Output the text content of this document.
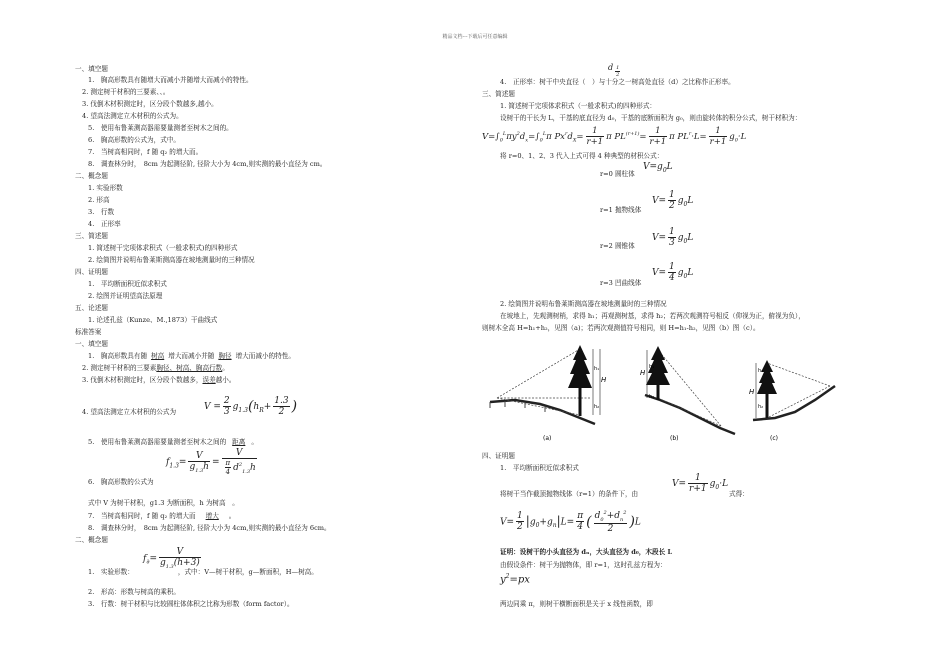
精品文档---下载后可任意编辑
一、填空题
1.　胸高形数具有随增大而减小并随增大而减小的特性。
2. 测定树干材积的三要素、、。
3. 伐倒木材积测定时，区分段个数越多,越小。
4. 望高法测定立木材积的公式为。
5.　使用布鲁莱测高器需要量测者至树木之间的。
6.　胸高形数的公式为，式中。
7.　当树高相同时，f 随 q₂ 的增大而。
8.　调查林分时，　8cm 为起测径阶, 径阶大小为 4cm,则实测的最小直径为 cm。
二、概念题
1. 实验形数
2. 形高
3.　行数
4.　正形率
三、简述题
1. 简述树干完项体求积式（一般求积式)的四种形式
2. 绘简图并说明布鲁莱斯测高器在坡地测量时的三种情况
四、证明题
1.　平均断面积近似求积式
2. 绘图并证明望高法原理
五、论述题
1. 论述孔兹（Kunze、M.,1873）干曲线式
标准答案
一、填空题
1.　胸高形数具有随 树高 增大而减小并随 胸径 增大而减小的特性。
2. 测定树干材积的三要素胸径、树高、胸高行数。
3. 伐倒木材积测定时，区分段个数越多，误差越小。
4. 望高法测定立木材积的公式为	$V = \frac{2}{3} g_{1.3}(h_R+ \frac{1.3}{2}$ )
5.　使用布鲁莱测高器需要量测者至树木之间的 距离 。
$f_{1.3}= \frac{V}{g_{1.3}h} = \frac{V}{\frac{\pi}{4} d^2_{1.3}h}$
6.　胸高形数的公式为
式中 V 为树干材积，g1.3 为断面积，h 为树高　。
7.　当树高相同时，f 随 q₂ 的增大而 增大 。
8.　调查林分时，　8cm 为起测径阶, 径阶大小为 4cm,则实测的最小直径为 6cm。
二、概念题
$f_\partial= \frac{V}{g_{1.3}(h+3)}$
1.　实验形数：	，式中：V—树干材积，g—断面积，H—树高。
2.　形高：形数与树高的乘积。
3.　行数：树干材积与比较圆柱体体积之比称为形数（form factor）。
d $_{\frac{1}{2}}$
4.　正形率：树干中央直径（　）与十分之一树高处直径（d）之比称作正形率。
三、简述题
1. 简述树干完项体求积式（一般求积式)的四种形式：
设树干的干长为 L，干基的底直径为 d₀，干基的底断面积为 g₀，则由旋转体的积分公式，树干材积为：
$V=\int_0^L\pi y^2d_x=\int_0^L\pi$ $Px^rd_X= \frac{1}{r+1}$ π $PL^{(r+1)}= \frac{1}{r+1}$ π $PL^r\cdot L= \frac{1}{r+1} g_0\cdot L$
将 r=0、1、2、3 代入上式可得 4 种典型的材积公式：
r=0 圆柱体
$V=g_0L$
r=1 抛物线体
$V= \frac{1}{2} g_0L$
r=2 圆锥体
$V= \frac{1}{3} g_0L$
r=3 凹曲线体
$V= \frac{1}{4} g_0L$
2. 绘简图并说明布鲁莱斯测高器在坡地测量时的三种情况
在坡地上，先观测树梢，求得 h₁；再观测树基，求得 h₂；若两次观测符号相反（仰视为正，俯视为负），
则树木全高 H=h₁+h₂，见图（a)；若两次观测值符号相同，则 H=h₁-h₂，见图（b）图（c）。
h₁
h₂
H
(a)
h₁
h₂
H
(b)
h₁
h₂
H
(c)
四、证明题
1.　平均断面积近似求积式
$V= \frac{1}{r+1} g_0\cdot L$
将树干当作截顶抛物线体（r=1）的条件下，由	式得：
$V= \frac{1}{2} |g_0+g_n|L= \frac{\pi}{4}$ ( $\frac{d_0^2+d_n^2}{2} )L$
证明：设树干的小头直径为 dₙ，大头直径为 d₀，木段长 L
由假设条件：树干为抛物体，即 r=1，这时孔兹方程为：
$y^2=px$
两边同乘 π，则树干横断面积是关于 x 线性函数，即
